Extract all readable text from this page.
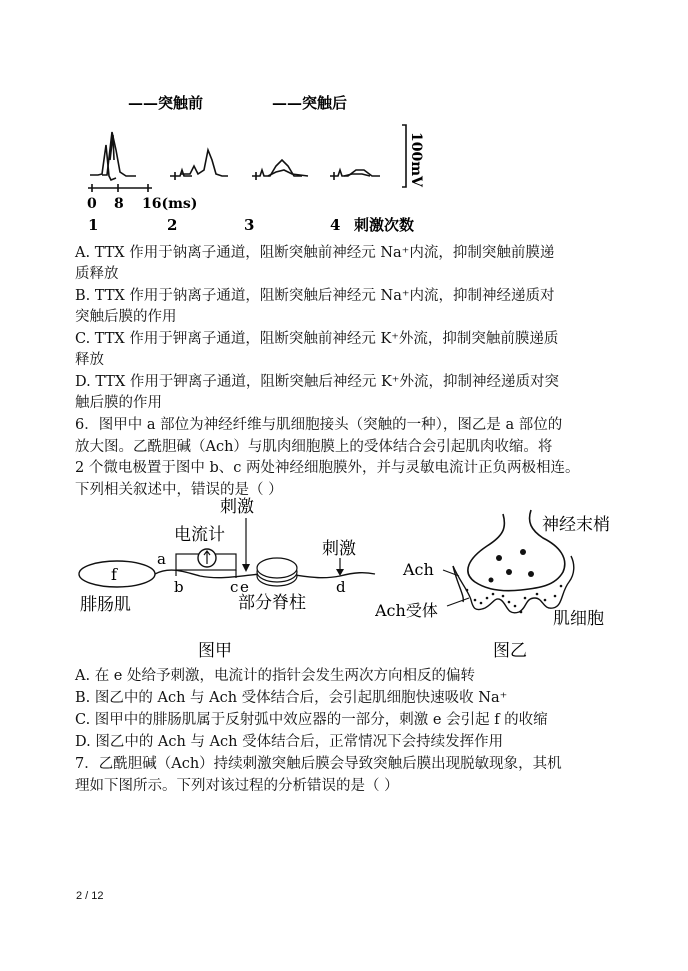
——突触前	——突触后
100mV
0 8 16(ms)
1	2	3	4 刺激次数
A. TTX 作用于钠离子通道，阻断突触前神经元 Na⁺内流，抑制突触前膜递
质释放
B. TTX 作用于钠离子通道，阻断突触后神经元 Na⁺内流，抑制神经递质对
突触后膜的作用
C. TTX 作用于钾离子通道，阻断突触前神经元 K⁺外流，抑制突触前膜递质
释放
D. TTX 作用于钾离子通道，阻断突触后神经元 K⁺外流，抑制神经递质对突
触后膜的作用
6．图甲中 a 部位为神经纤维与肌细胞接头（突触的一种），图乙是 a 部位的
放大图。乙酰胆碱（Ach）与肌肉细胞膜上的受体结合会引起肌肉收缩。将
2 个微电极置于图中 b、c 两处神经细胞膜外，并与灵敏电流计正负两极相连。
下列相关叙述中，错误的是（ ）
f
腓肠肌
a
b	c e	d
电流计
刺激
部分脊柱
刺激
图甲
神经末梢
Ach
Ach受体	肌细胞
图乙
A. 在 e 处给予刺激，电流计的指针会发生两次方向相反的偏转
B. 图乙中的 Ach 与 Ach 受体结合后，会引起肌细胞快速吸收 Na⁺
C. 图甲中的腓肠肌属于反射弧中效应器的一部分，刺激 e 会引起 f 的收缩
D. 图乙中的 Ach 与 Ach 受体结合后，正常情况下会持续发挥作用
7．乙酰胆碱（Ach）持续刺激突触后膜会导致突触后膜出现脱敏现象，其机
理如下图所示。下列对该过程的分析错误的是（ ）
2 / 12
